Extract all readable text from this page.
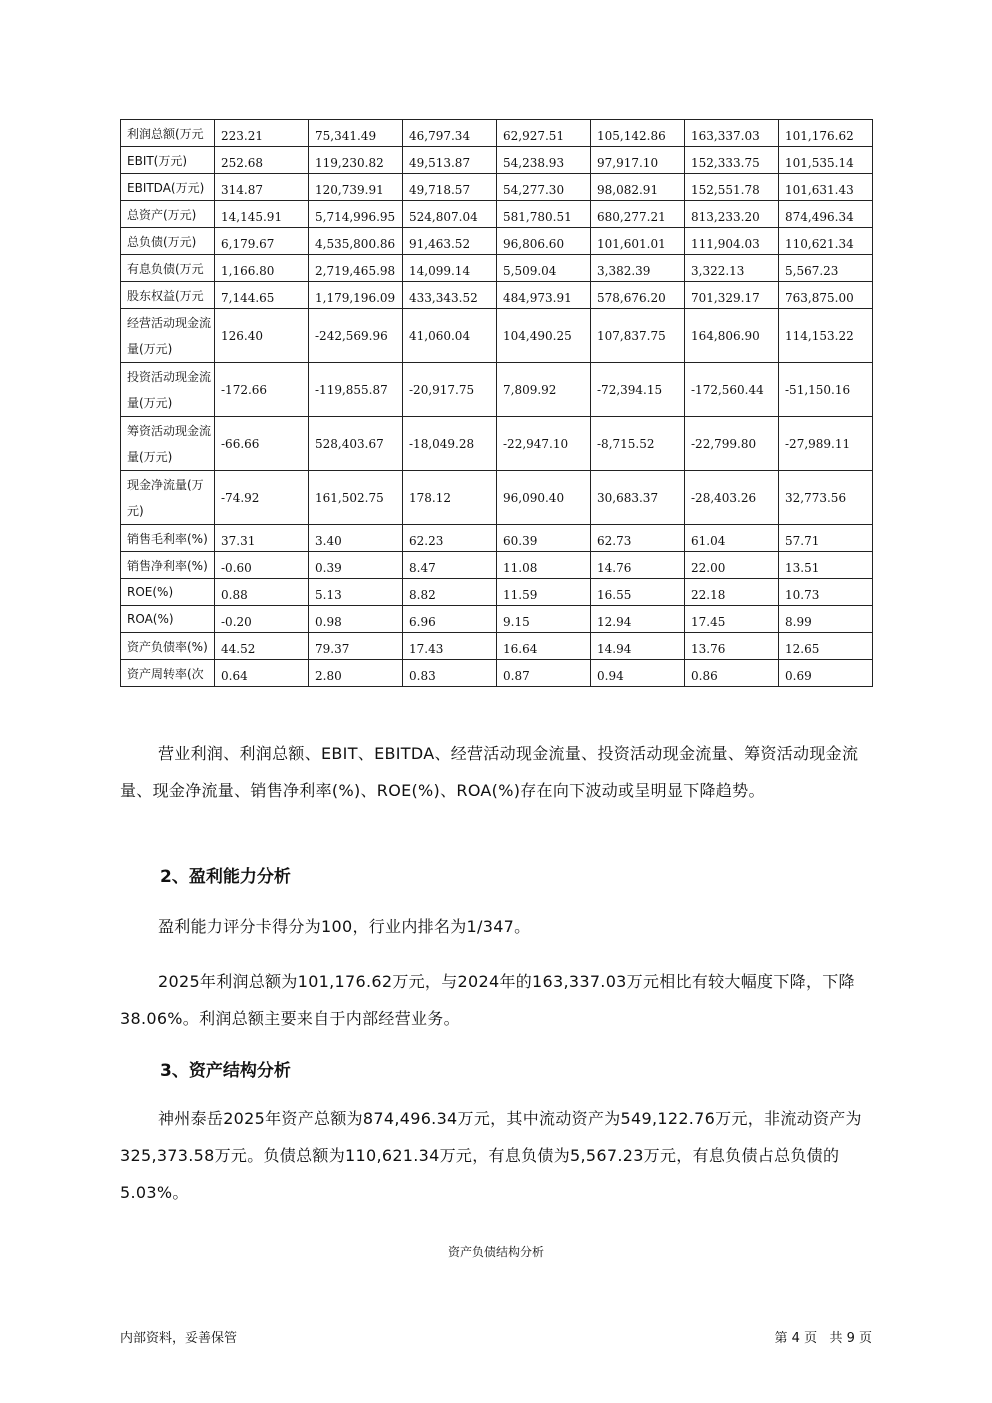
利润总额(万元	223.21	75,341.49	46,797.34	62,927.51	105,142.86	163,337.03	101,176.62
EBIT(万元)	252.68	119,230.82	49,513.87	54,238.93	97,917.10	152,333.75	101,535.14
EBITDA(万元)	314.87	120,739.91	49,718.57	54,277.30	98,082.91	152,551.78	101,631.43
总资产(万元)	14,145.91	5,714,996.95	524,807.04	581,780.51	680,277.21	813,233.20	874,496.34
总负债(万元)	6,179.67	4,535,800.86	91,463.52	96,806.60	101,601.01	111,904.03	110,621.34
有息负债(万元	1,166.80	2,719,465.98	14,099.14	5,509.04	3,382.39	3,322.13	5,567.23
股东权益(万元	7,144.65	1,179,196.09	433,343.52	484,973.91	578,676.20	701,329.17	763,875.00
经营活动现金流量(万元)	126.40	-242,569.96	41,060.04	104,490.25	107,837.75	164,806.90	114,153.22
投资活动现金流量(万元)	-172.66	-119,855.87	-20,917.75	7,809.92	-72,394.15	-172,560.44	-51,150.16
筹资活动现金流量(万元)	-66.66	528,403.67	-18,049.28	-22,947.10	-8,715.52	-22,799.80	-27,989.11
现金净流量(万元)	-74.92	161,502.75	178.12	96,090.40	30,683.37	-28,403.26	32,773.56
销售毛利率(%)	37.31	3.40	62.23	60.39	62.73	61.04	57.71
销售净利率(%)	-0.60	0.39	8.47	11.08	14.76	22.00	13.51
ROE(%)	0.88	5.13	8.82	11.59	16.55	22.18	10.73
ROA(%)	-0.20	0.98	6.96	9.15	12.94	17.45	8.99
资产负债率(%)	44.52	79.37	17.43	16.64	14.94	13.76	12.65
资产周转率(次	0.64	2.80	0.83	0.87	0.94	0.86	0.69

营业利润、利润总额、EBIT、EBITDA、经营活动现金流量、投资活动现金流量、筹资活动现金流量、现金净流量、销售净利率(%)、ROE(%)、ROA(%)存在向下波动或呈明显下降趋势。

2、盈利能力分析

盈利能力评分卡得分为100，行业内排名为1/347。

2025年利润总额为101,176.62万元，与2024年的163,337.03万元相比有较大幅度下降，下降38.06%。利润总额主要来自于内部经营业务。

3、资产结构分析

神州泰岳2025年资产总额为874,496.34万元，其中流动资产为549,122.76万元，非流动资产为325,373.58万元。负债总额为110,621.34万元，有息负债为5,567.23万元，有息负债占总负债的5.03%。

资产负债结构分析
内部资料，妥善保管	第 4 页   共 9 页
